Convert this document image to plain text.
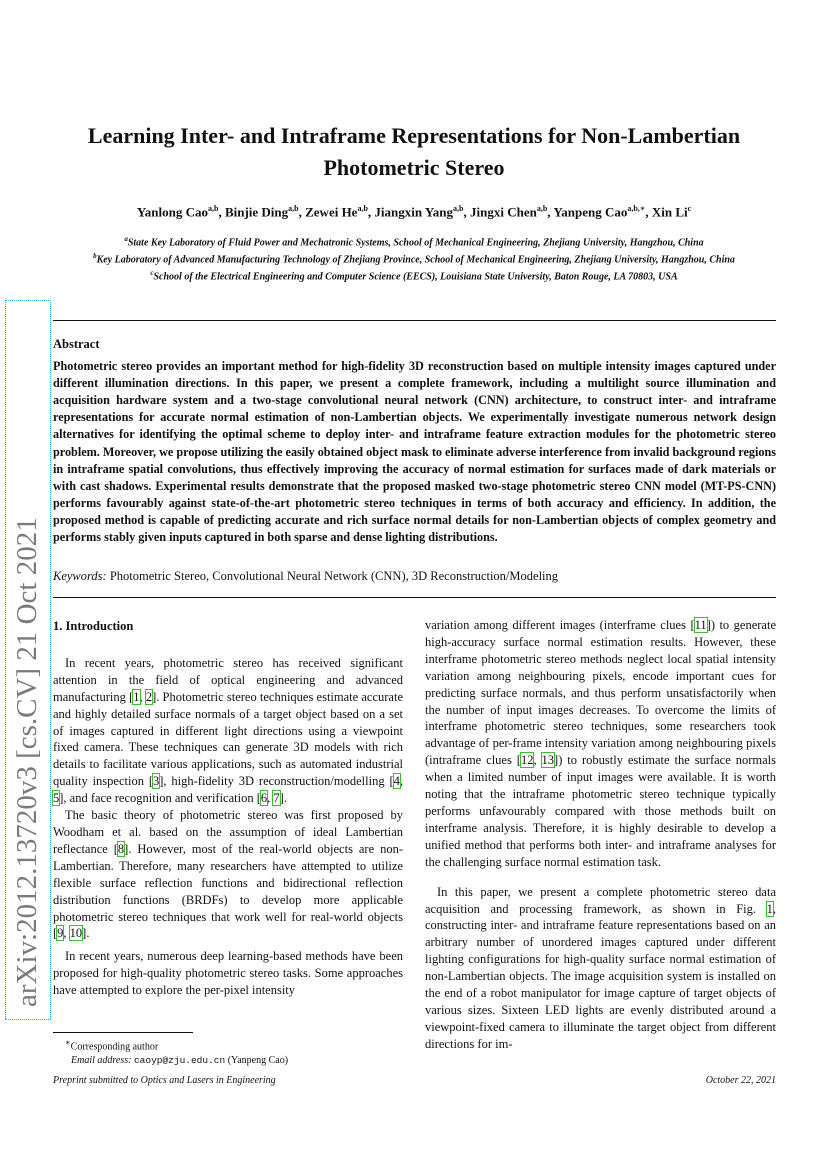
arXiv:2012.13720v3 [cs.CV] 21 Oct 2021
Learning Inter- and Intraframe Representations for Non-Lambertian
Photometric Stereo
Yanlong Cao$^{a,b}$, Binjie Ding$^{a,b}$, Zewei He$^{a,b}$, Jiangxin Yang$^{a,b}$, Jingxi Chen$^{a,b}$, Yanpeng Cao$^{a,b,∗}$, Xin Li$^c$
$^a$State Key Laboratory of Fluid Power and Mechatronic Systems, School of Mechanical Engineering, Zhejiang University, Hangzhou, China
$^b$Key Laboratory of Advanced Manufacturing Technology of Zhejiang Province, School of Mechanical Engineering, Zhejiang University, Hangzhou, China
$^c$School of the Electrical Engineering and Computer Science (EECS), Louisiana State University, Baton Rouge, LA 70803, USA
Abstract

Photometric stereo provides an important method for high-fidelity 3D reconstruction based on multiple intensity images captured under different illumination directions. In this paper, we present a complete framework, including a multilight source illumination and acquisition hardware system and a two-stage convolutional neural network (CNN) architecture, to construct inter- and intraframe representations for accurate normal estimation of non-Lambertian objects. We experimentally investigate numerous network design alternatives for identifying the optimal scheme to deploy inter- and intraframe feature extraction modules for the photometric stereo problem. Moreover, we propose utilizing the easily obtained object mask to eliminate adverse interference from invalid background regions in intraframe spatial convolutions, thus effectively improving the accuracy of normal estimation for surfaces made of dark materials or with cast shadows. Experimental results demonstrate that the proposed masked two-stage photometric stereo CNN model (MT-PS-CNN) performs favourably against state-of-the-art photometric stereo techniques in terms of both accuracy and efficiency. In addition, the proposed method is capable of predicting accurate and rich surface normal details for non-Lambertian objects of complex geometry and performs stably given inputs captured in both sparse and dense lighting distributions.

Keywords: Photometric Stereo, Convolutional Neural Network (CNN), 3D Reconstruction/Modeling
1. Introduction

In recent years, photometric stereo has received significant attention in the field of optical engineering and advanced manufacturing [1, 2]. Photometric stereo techniques estimate accurate and highly detailed surface normals of a target object based on a set of images captured in different light directions using a viewpoint fixed camera. These techniques can generate 3D models with rich details to facilitate various applications, such as automated industrial quality inspection [3], high-fidelity 3D reconstruction/modelling [4, 5], and face recognition and verification [6, 7].

The basic theory of photometric stereo was first proposed by Woodham et al. based on the assumption of ideal Lambertian reflectance [8]. However, most of the real-world objects are non-Lambertian. Therefore, many researchers have attempted to utilize flexible surface reflection functions and bidirectional reflection distribution functions (BRDFs) to develop more applicable photometric stereo techniques that work well for real-world objects [9, 10].

In recent years, numerous deep learning-based methods have been proposed for high-quality photometric stereo tasks. Some approaches have attempted to explore the per-pixel intensity

variation among different images (interframe clues [11]) to generate high-accuracy surface normal estimation results. However, these interframe photometric stereo methods neglect local spatial intensity variation among neighbouring pixels, encode important cues for predicting surface normals, and thus perform unsatisfactorily when the number of input images decreases. To overcome the limits of interframe photometric stereo techniques, some researchers took advantage of per-frame intensity variation among neighbouring pixels (intraframe clues [12, 13]) to robustly estimate the surface normals when a limited number of input images were available. It is worth noting that the intraframe photometric stereo technique typically performs unfavourably compared with those methods built on interframe analysis. Therefore, it is highly desirable to develop a unified method that performs both inter- and intraframe analyses for the challenging surface normal estimation task.

In this paper, we present a complete photometric stereo data acquisition and processing framework, as shown in Fig. 1, constructing inter- and intraframe feature representations based on an arbitrary number of unordered images captured under different lighting configurations for high-quality surface normal estimation of non-Lambertian objects. The image acquisition system is installed on the end of a robot manipulator for image capture of target objects of various sizes. Sixteen LED lights are evenly distributed around a viewpoint-fixed camera to illuminate the target object from different directions for im-

∗Corresponding author
Email address: caoyp@zju.edu.cn (Yanpeng Cao)
Preprint submitted to Optics and Lasers in Engineering	October 22, 2021
